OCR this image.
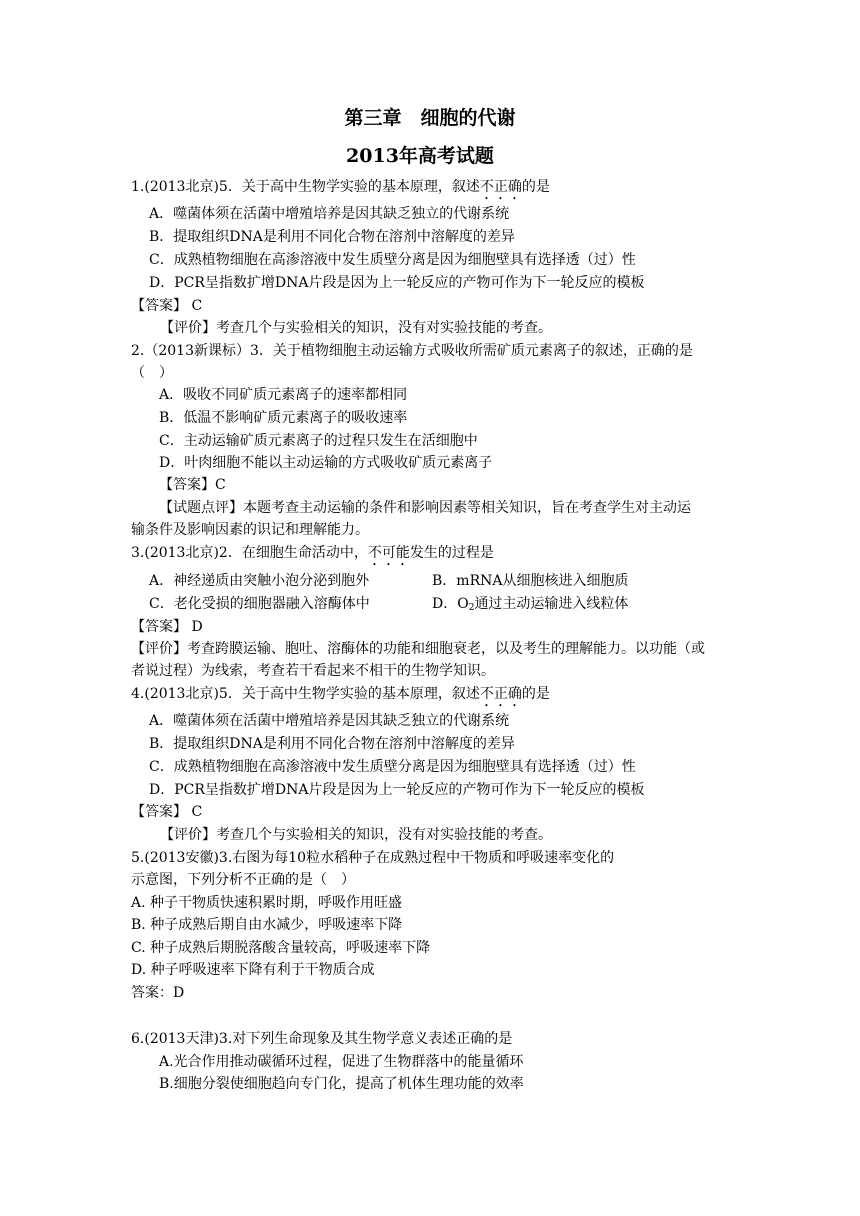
第三章　细胞的代谢
2013年高考试题
1.(2013北京)5．关于高中生物学实验的基本原理，叙述不正确的是
A．噬菌体须在活菌中增殖培养是因其缺乏独立的代谢系统
B．提取组织DNA是利用不同化合物在溶剂中溶解度的差异
C．成熟植物细胞在高渗溶液中发生质壁分离是因为细胞壁具有选择透（过）性
D．PCR呈指数扩增DNA片段是因为上一轮反应的产物可作为下一轮反应的模板
【答案】 C
【评价】考查几个与实验相关的知识，没有对实验技能的考查。
2.（2013新课标）3．关于植物细胞主动运输方式吸收所需矿质元素离子的叙述，正确的是
（　）
A．吸收不同矿质元素离子的速率都相同
B．低温不影响矿质元素离子的吸收速率
C．主动运输矿质元素离子的过程只发生在活细胞中
D．叶肉细胞不能以主动运输的方式吸收矿质元素离子
【答案】C
【试题点评】本题考查主动运输的条件和影响因素等相关知识，旨在考查学生对主动运
输条件及影响因素的识记和理解能力。
3.(2013北京)2．在细胞生命活动中，不可能发生的过程是
A．神经递质由突触小泡分泌到胞外	B．mRNA从细胞核进入细胞质
C．老化受损的细胞器融入溶酶体中	D．$O_2$通过主动运输进入线粒体
【答案】 D
【评价】考查跨膜运输、胞吐、溶酶体的功能和细胞衰老，以及考生的理解能力。以功能（或
者说过程）为线索，考查若干看起来不相干的生物学知识。
4.(2013北京)5．关于高中生物学实验的基本原理，叙述不正确的是
A．噬菌体须在活菌中增殖培养是因其缺乏独立的代谢系统
B．提取组织DNA是利用不同化合物在溶剂中溶解度的差异
C．成熟植物细胞在高渗溶液中发生质壁分离是因为细胞壁具有选择透（过）性
D．PCR呈指数扩增DNA片段是因为上一轮反应的产物可作为下一轮反应的模板
【答案】 C
【评价】考查几个与实验相关的知识，没有对实验技能的考查。
5.(2013安徽)3.右图为每10粒水稻种子在成熟过程中干物质和呼吸速率变化的
示意图，下列分析不正确的是（　）
A. 种子干物质快速积累时期，呼吸作用旺盛
B. 种子成熟后期自由水减少，呼吸速率下降
C. 种子成熟后期脱落酸含量较高，呼吸速率下降
D. 种子呼吸速率下降有利于干物质合成
答案：D
6.(2013天津)3.对下列生命现象及其生物学意义表述正确的是
A.光合作用推动碳循环过程，促进了生物群落中的能量循环
B.细胞分裂使细胞趋向专门化，提高了机体生理功能的效率
